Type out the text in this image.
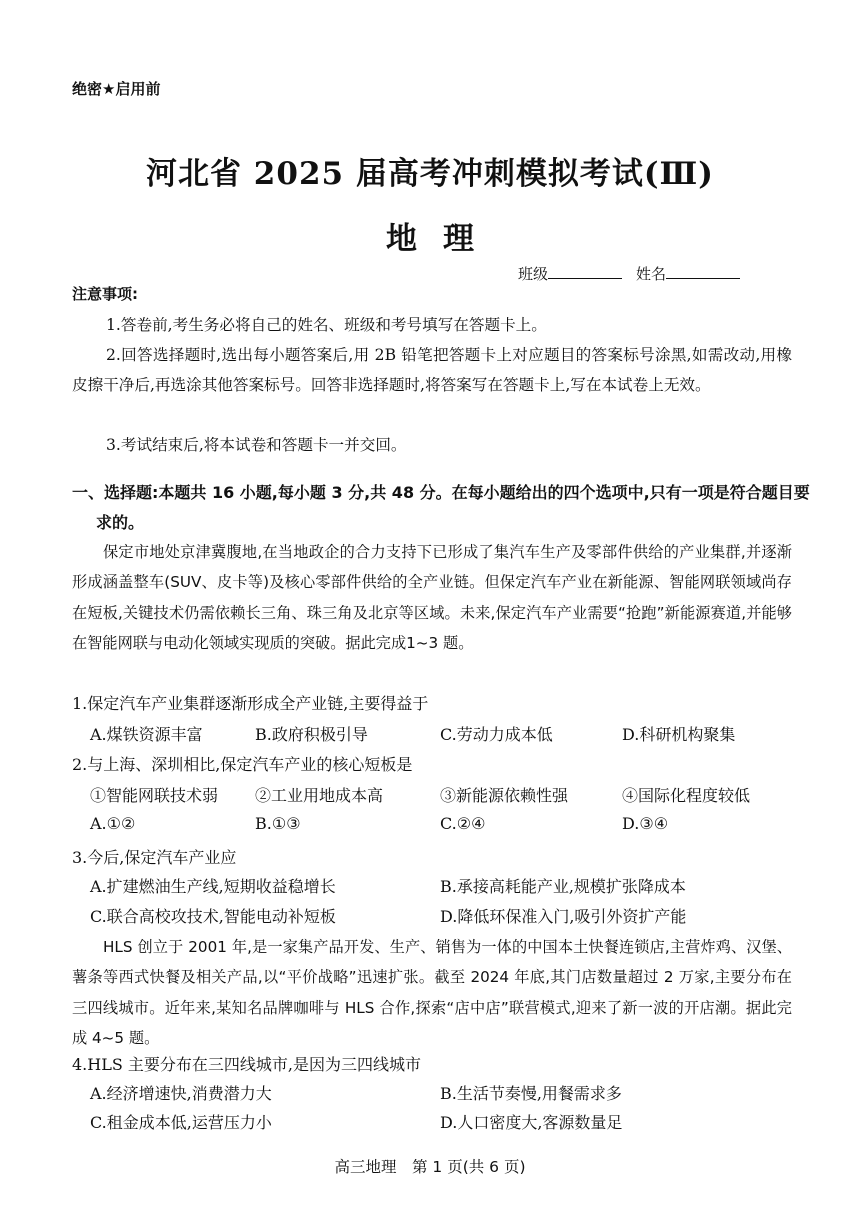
绝密★启用前
河北省 2025 届高考冲刺模拟考试(Ⅲ)
地理
班级	姓名
注意事项:
1.答卷前,考生务必将自己的姓名、班级和考号填写在答题卡上。
2.回答选择题时,选出每小题答案后,用 2B 铅笔把答题卡上对应题目的答案标号涂黑,如需改动,用橡皮擦干净后,再选涂其他答案标号。回答非选择题时,将答案写在答题卡上,写在本试卷上无效。
3.考试结束后,将本试卷和答题卡一并交回。
一、选择题:本题共 16 小题,每小题 3 分,共 48 分。在每小题给出的四个选项中,只有一项是符合题目要求的。
保定市地处京津冀腹地,在当地政企的合力支持下已形成了集汽车生产及零部件供给的产业集群,并逐渐形成涵盖整车(SUV、皮卡等)及核心零部件供给的全产业链。但保定汽车产业在新能源、智能网联领域尚存在短板,关键技术仍需依赖长三角、珠三角及北京等区域。未来,保定汽车产业需要“抢跑”新能源赛道,并能够在智能网联与电动化领域实现质的突破。据此完成1~3 题。
1.保定汽车产业集群逐渐形成全产业链,主要得益于
A.煤铁资源丰富	B.政府积极引导	C.劳动力成本低	D.科研机构聚集
2.与上海、深圳相比,保定汽车产业的核心短板是
①智能网联技术弱 ②工业用地成本高	③新能源依赖性强	④国际化程度较低
A.①②	B.①③	C.②④	D.③④
3.今后,保定汽车产业应
A.扩建燃油生产线,短期收益稳增长	B.承接高耗能产业,规模扩张降成本
C.联合高校攻技术,智能电动补短板	D.降低环保准入门,吸引外资扩产能
HLS 创立于 2001 年,是一家集产品开发、生产、销售为一体的中国本土快餐连锁店,主营炸鸡、汉堡、薯条等西式快餐及相关产品,以“平价战略”迅速扩张。截至 2024 年底,其门店数量超过 2 万家,主要分布在三四线城市。近年来,某知名品牌咖啡与 HLS 合作,探索“店中店”联营模式,迎来了新一波的开店潮。据此完成 4~5 题。
4.HLS 主要分布在三四线城市,是因为三四线城市
A.经济增速快,消费潜力大	B.生活节奏慢,用餐需求多
C.租金成本低,运营压力小	D.人口密度大,客源数量足
高三地理　第 1 页(共 6 页)
